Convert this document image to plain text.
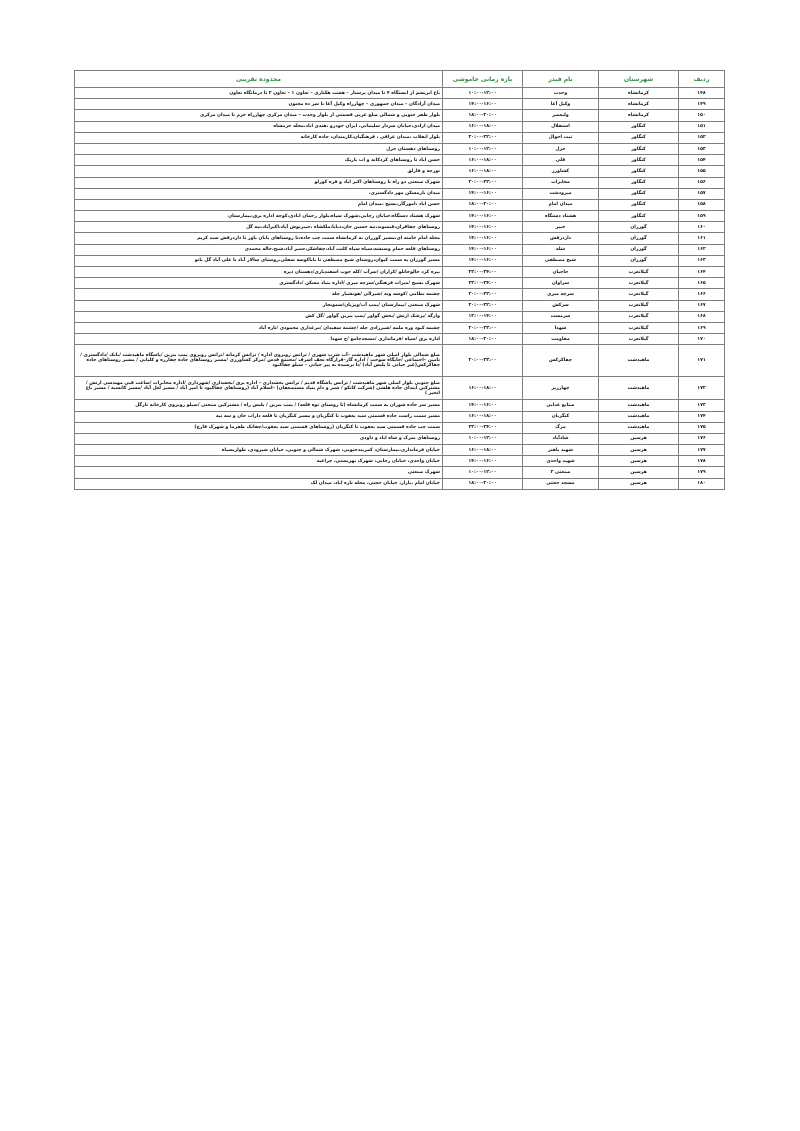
ردیف	شهرستان	نام فیدر	بازه زمانی خاموشی	محدوده تقریبی
۱۴۸	کرمانشاه	وحدت	۱۰:۰۰-۱۲:۰۰	باغ ابریشم از ایستگاه ۴ تا میدان پرستار – هشت هکتاری – تعاون ۱ – تعاون ۲ تا درمانگاه تعاون
۱۴۹	کرمانشاه	وکیل آغا	۱۴:۰۰-۱۶:۰۰	میدان آزادگان – میدان جمهوری – چهارراه وکیل آغا تا سر ده مجنون
۱۵۰	کرمانشاه	ولیعصر	۱۸:۰۰-۲۰:۰۰	بلوار ظفر جنوبی و شمالی ضلع غربی قسمتی از بلوار وحدت – میدان مرکزی چهارراه خرم تا میدان مرکزی
۱۵۱	کنگاور	استقلال	۱۶:۰۰-۱۸:۰۰	میدان ازادی،خیابان سردار سلیمانی، ایران خودرو ،هندی اباد،محله خرمشاه
۱۵۲	کنگاور	ثبت احوال	۲۰:۰۰-۲۲:۰۰	بلوار انقلاب ،میدان عراقی ، فرهنگیان،کارمندان، جاده کارخانه
۱۵۳	کنگاور	خزل	۱۰:۰۰-۱۲:۰۰	روستاهای دهستان خزل
۱۵۴	کنگاور	قلی	۱۶:۰۰-۱۸:۰۰	حسن اباد تا روستاهای کردکانه و اب باریک
۱۵۵	کنگاور	کشاورز	۱۶:۰۰-۱۸:۰۰	نورجه و قارلق
۱۵۶	کنگاور	مخابرات	۲۰:۰۰-۲۲:۰۰	شهرک صنعتی دو راه تا روستاهای اکبر اباد و فره کورلو
۱۵۷	کنگاور	میرودشت	۱۴:۰۰-۱۶:۰۰	میدان بازمسکن مهر دادگستری،
۱۵۸	کنگاور	میدان امام	۱۸:۰۰-۲۰:۰۰	حسن اباد ،اموزگار،بسیج ،میدان امام
۱۵۹	کنگاور	هشتاد دستگاه	۱۴:۰۰-۱۶:۰۰	شهرک هشتاد دستگاه،خیابان رجایی،شهرک سپاه،بلوار رحمان ابادی،کوچه اداره برق،بیمارستان
۱۶۰	گوزران	خیبر	۱۴:۰۰-۱۶:۰۰	روستاهای چقاقزان،قیسوند،نیه حسین خان،دبابا،ملکشاه ،خیبرنوش آباد،اکبرآباد،نیه گل
۱۶۱	گوزران	داردرفش	۱۴:۰۰-۱۶:۰۰	محله امام خامنه ای،مسیر گوزران به کرمانشاه سمت چپ جاده،تا روستاهای یابان یاور تا داردرفش سید کریم
۱۶۲	گوزران	شله	۱۴:۰۰-۱۶:۰۰	روستاهای قلعه حمام وسنشه،سیاه سیاه کلنت آباد،چقاشکر،حمیر آباد،شیخ،حاله محمدی
۱۶۳	گوزران	شیخ مصطفی	۱۴:۰۰-۱۶:۰۰	مسیر گوزران به سمت کیوان،روستای شیخ مصطفی تا باباکوسه سفلی،روستای سالار آباد تا علی آباد گل بانو
۱۶۴	گیلانغرب	حاجیان	۲۲:۰۰-۲۴:۰۰	بیره کرد خالوخانلو /کراران /سرآب /کله جوب اسفندیاری/دهستان دیره
۱۶۵	گیلانغرب	سراوان	۲۲:۰۰-۲۴:۰۰	شهرک بسیج /میراث فرهنگی/سرچه میری /اداره بنیاد مسکن /دادگستری
۱۶۶	گیلانغرب	سرچه میری	۲۰:۰۰-۲۲:۰۰	چشمه نظامی /کوشه ونه /شیرالی /هونشیار چله
۱۶۷	گیلانغرب	سرکش	۲۰:۰۰-۲۲:۰۰	شهرک صنعتی /بیمارستان /پمپ آب/ویژیان/سمونجار
۱۶۸	گیلانغرب	سرمست	۱۲:۰۰-۱۴:۰۰	وارگه /پرشک ارتش /بخش گواور /پمپ بنزین گواور /گل کش
۱۶۹	گیلانغرب	شهدا	۲۰:۰۰-۲۲:۰۰	چشمه کبود وره ملمه /شیرزادی چله /چشمه سفیدان /مرغداری محمودی /تازه آباد
۱۷۰	گیلانغرب	مقاومت	۱۸:۰۰-۲۰:۰۰	اداره برق /سپاه /فرمانداری /مسجدجامع /خ شهدا
۱۷۱	ماهیدشت	چقاکرکس	۲۰:۰۰-۲۲:۰۰	ضلع شمالی بلوار اصلی شهر ماهیدشت –آب شرب شهری / ترانس روبروی اداره / ترانس کرمانه /ترانس روبروی پمپ بنزین /پاسگاه ماهیدشت /بانک /دادگستری /تامین –اجتماعی /جایگاه سوخت / اداره گاز–قرارگاه نجف اشرف /مجتمع قدس /مرکز کشاورزی /مسیر روستاهای جاده چقارزه و کلیایی / مسیر روستاهای جاده چقاکرکس(غیر حیاتی تا پلیس آباد) /تا نرسیده به پیر حیاتی – سیلو چقاکبود
۱۷۲	ماهیدشت	چهارزبر	۱۶:۰۰-۱۸:۰۰	ضلع جنوبی بلوار اصلی شهر ماهیدشت / ترانس پاسگاه قدیم / ترانس بخشداری – اداره برق /بخشداری /شهرداری /اداره مخابرات /ساعت قبی مهندسی ارتش / مشترکین ابتدای جاده هلشی (شرکت کانکو / شیر و دام بنیاد مستضعفان) –اسلام آباد (روستاهای چقاکبود تا امیر آباد / مسیر لعل آباد /مسیر کانسبه / مسیر باغ انجیر )
۱۷۳	ماهیدشت	صنایع غذایی	۱۴:۰۰-۱۶:۰۰	مسیر سر جاده شوران به سمت کرمانشاه (تا روستای نوه قلعه) / پمپ بنزین / پلیس راه / مشترکین صنعتی /سیلو روبروی کارخانه نازگل
۱۷۴	ماهیدشت	کنگربان	۱۶:۰۰-۱۸:۰۰	مسیر سمت راست جاده قسمتی سید یعقوب تا کنگربان و مسیر کنگربان تا قلعه داراب خان و سه تپه
۱۷۵	ماهیدشت	مرگ	۲۲:۰۰-۲۴:۰۰	سمت چپ جاده قسمتی سید یعقوب تا کنگربان (روستاهای قسمتی سید یعقوب/چقانک طفرما و شهرک قارچ)
۱۷۶	هرسین	شادآباد	۱۰:۰۰-۱۲:۰۰	روستاهای نمرک و شاه اباد و داودی
۱۷۷	هرسین	شهید باهنر	۱۶:۰۰-۱۸:۰۰	خیابان فرمانداری،بیمارستان، کمربندجنوبی، شهرک شمالی و جنوبی، خیابان شیرودی، طواریسیاه
۱۷۸	هرسین	شهید واحدی	۱۴:۰۰-۱۶:۰۰	خیابان واحدی، خیابان رجایی، شهرک بهزیستی، چراغیه
۱۷۹	هرسین	صنعتی ۲	۱۰:۰۰-۱۲:۰۰	شهرک صنعتی
۱۸۰	هرسین	مسجد حجتی	۱۸:۰۰-۲۰:۰۰	خیابان امام ،بازار، خیابان حجتی، محله تازه اباد، میدان لک
